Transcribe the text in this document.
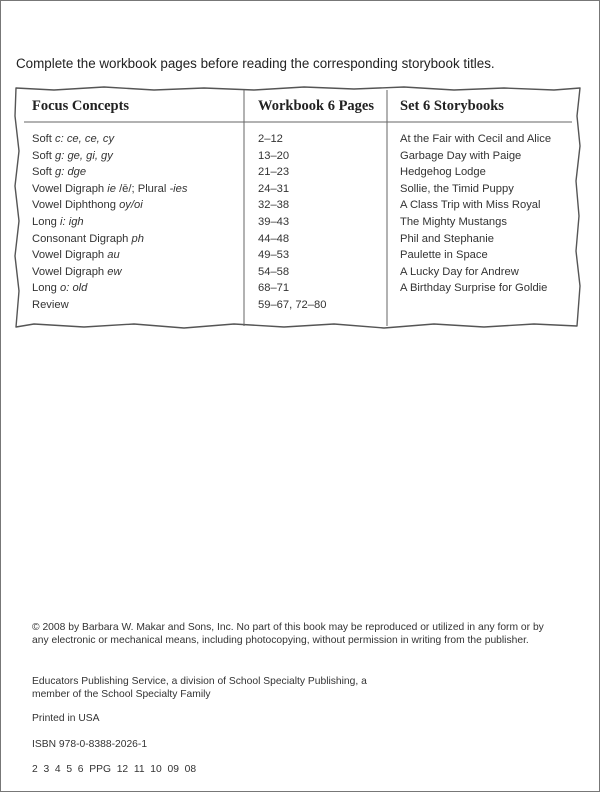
Complete the workbook pages before reading the corresponding storybook titles.
Focus Concepts	Workbook 6 Pages Set 6 Storybooks
Soft c: ce, ce, cy
Soft g: ge, gi, gy
Soft g: dge
Vowel Digraph ie /ē/; Plural -ies
Vowel Diphthong oy/oi
Long i: igh
Consonant Digraph ph
Vowel Digraph au
Vowel Digraph ew
Long o: old
Review
2–12
13–20
21–23
24–31
32–38
39–43
44–48
49–53
54–58
68–71
59–67, 72–80
At the Fair with Cecil and Alice
Garbage Day with Paige
Hedgehog Lodge
Sollie, the Timid Puppy
A Class Trip with Miss Royal
The Mighty Mustangs
Phil and Stephanie
Paulette in Space
A Lucky Day for Andrew
A Birthday Surprise for Goldie

© 2008 by Barbara W. Makar and Sons, Inc. No part of this book may be reproduced or utilized in any form or by any electronic or mechanical means, including photocopying, without permission in writing from the publisher.

Educators Publishing Service, a division of School Specialty Publishing, a member of the School Specialty Family

Printed in USA
ISBN 978-0-8388-2026-1
2  3  4  5  6  PPG  12  11  10  09  08
